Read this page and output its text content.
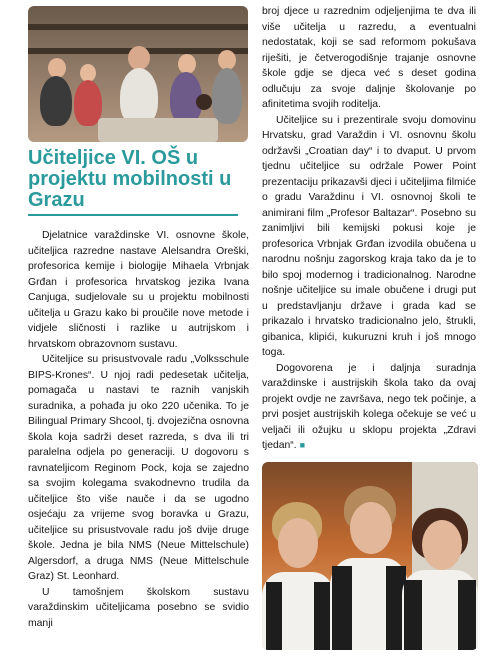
Učiteljice VI. OŠ u projektu mobilnosti u Grazu

Djelatnice varaždinske VI. osnovne škole, učiteljica razredne nastave Alelsandra Oreški, profesorica kemije i biologije Mihaela Vrbnjak Grđan i profesorica hrvatskog jezika Ivana Canjuga, sudjelovale su u projektu mobilnosti učitelja u Grazu kako bi proučile nove metode i vidjele sličnosti i razlike u autrijskom i hrvatskom obrazovnom sustavu.

Učiteljice su prisustvovale radu „Volksschule BIPS-Krones“. U njoj radi pedesetak učitelja, pomagača u nastavi te raznih vanjskih suradnika, a pohađa ju oko 220 učenika. To je Bilingual Primary Shcool, tj. dvojezična osnovna škola koja sadrži deset razreda, s dva ili tri paralelna odjela po generaciji. U dogovoru s ravnateljicom Reginom Pock, koja se zajedno sa svojim kolegama svakodnevno trudila da učiteljice što više nauče i da se ugodno osjećaju za vrijeme svog boravka u Grazu, učiteljice su prisustvovale radu još dvije druge škole. Jedna je bila NMS (Neue Mittelschule) Algersdorf, a druga NMS (Neue Mittelschule Graz) St. Leonhard.

U tamošnjem školskom sustavu varaždinskim učiteljicama posebno se svidio manji

broj djece u razrednim odjeljenjima te dva ili više učitelja u razredu, a eventualni nedostatak, koji se sad reformom pokušava riješiti, je četverogodišnje trajanje osnovne škole gdje se djeca već s deset godina odlučuju za svoje daljnje školovanje po afinitetima svojih roditelja.

Učiteljice su i prezentirale svoju domovinu Hrvatsku, grad Varaždin i VI. osnovnu školu održavši „Croatian day“ i to dvaput. U prvom tjednu učiteljice su održale Power Point prezentaciju prikazavši djeci i učiteljima filmiće o gradu Varaždinu i VI. osnovnoj školi te animirani film „Profesor Baltazar“. Posebno su zanimljivi bili kemijski pokusi koje je profesorica Vrbnjak Grđan izvodila obučena u narodnu nošnju zagorskog kraja tako da je to bilo spoj modernog i tradicionalnog. Narodne nošnje učiteljice su imale obučene i drugi put u predstavljanju države i grada kad se prikazalo i hrvatsko tradicionalno jelo, štrukli, gibanica, klipići, kukuruzni kruh i još mnogo toga.

Dogovorena je i daljnja suradnja varaždinske i austrijskih škola tako da ovaj projekt ovdje ne završava, nego tek počinje, a prvi posjet austrijskih kolega očekuje se već u veljači ili ožujku u sklopu projekta „Zdravi tjedan“. ■
